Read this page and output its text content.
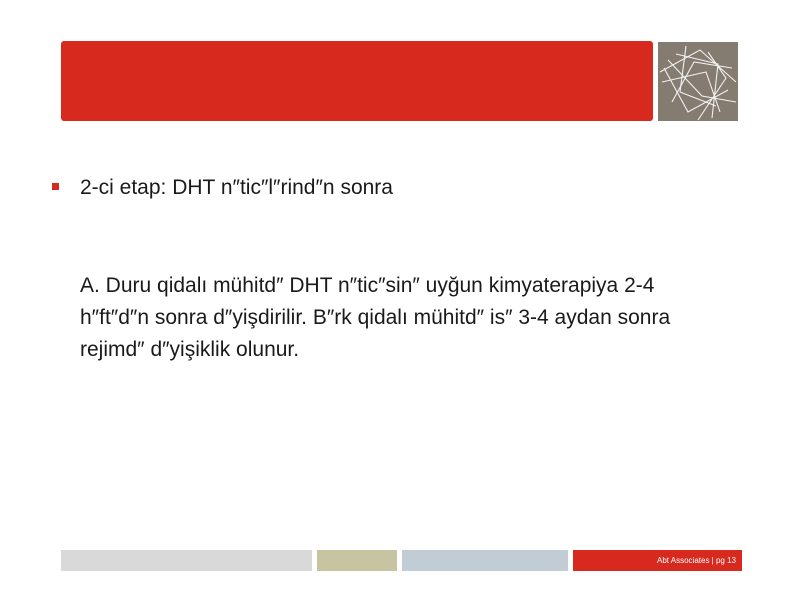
2-ci etap: DHT n″tic″l″rind″n sonra
A. Duru qidalı mühitd″ DHT n″tic″sin″ uyğun kimyaterapiya 2-4 h″ft″d″n sonra d″yişdirilir. B″rk qidalı mühitd″ is″ 3-4 aydan sonra rejimd″ d″yişiklik olunur.
Abt Associates | pg 13
